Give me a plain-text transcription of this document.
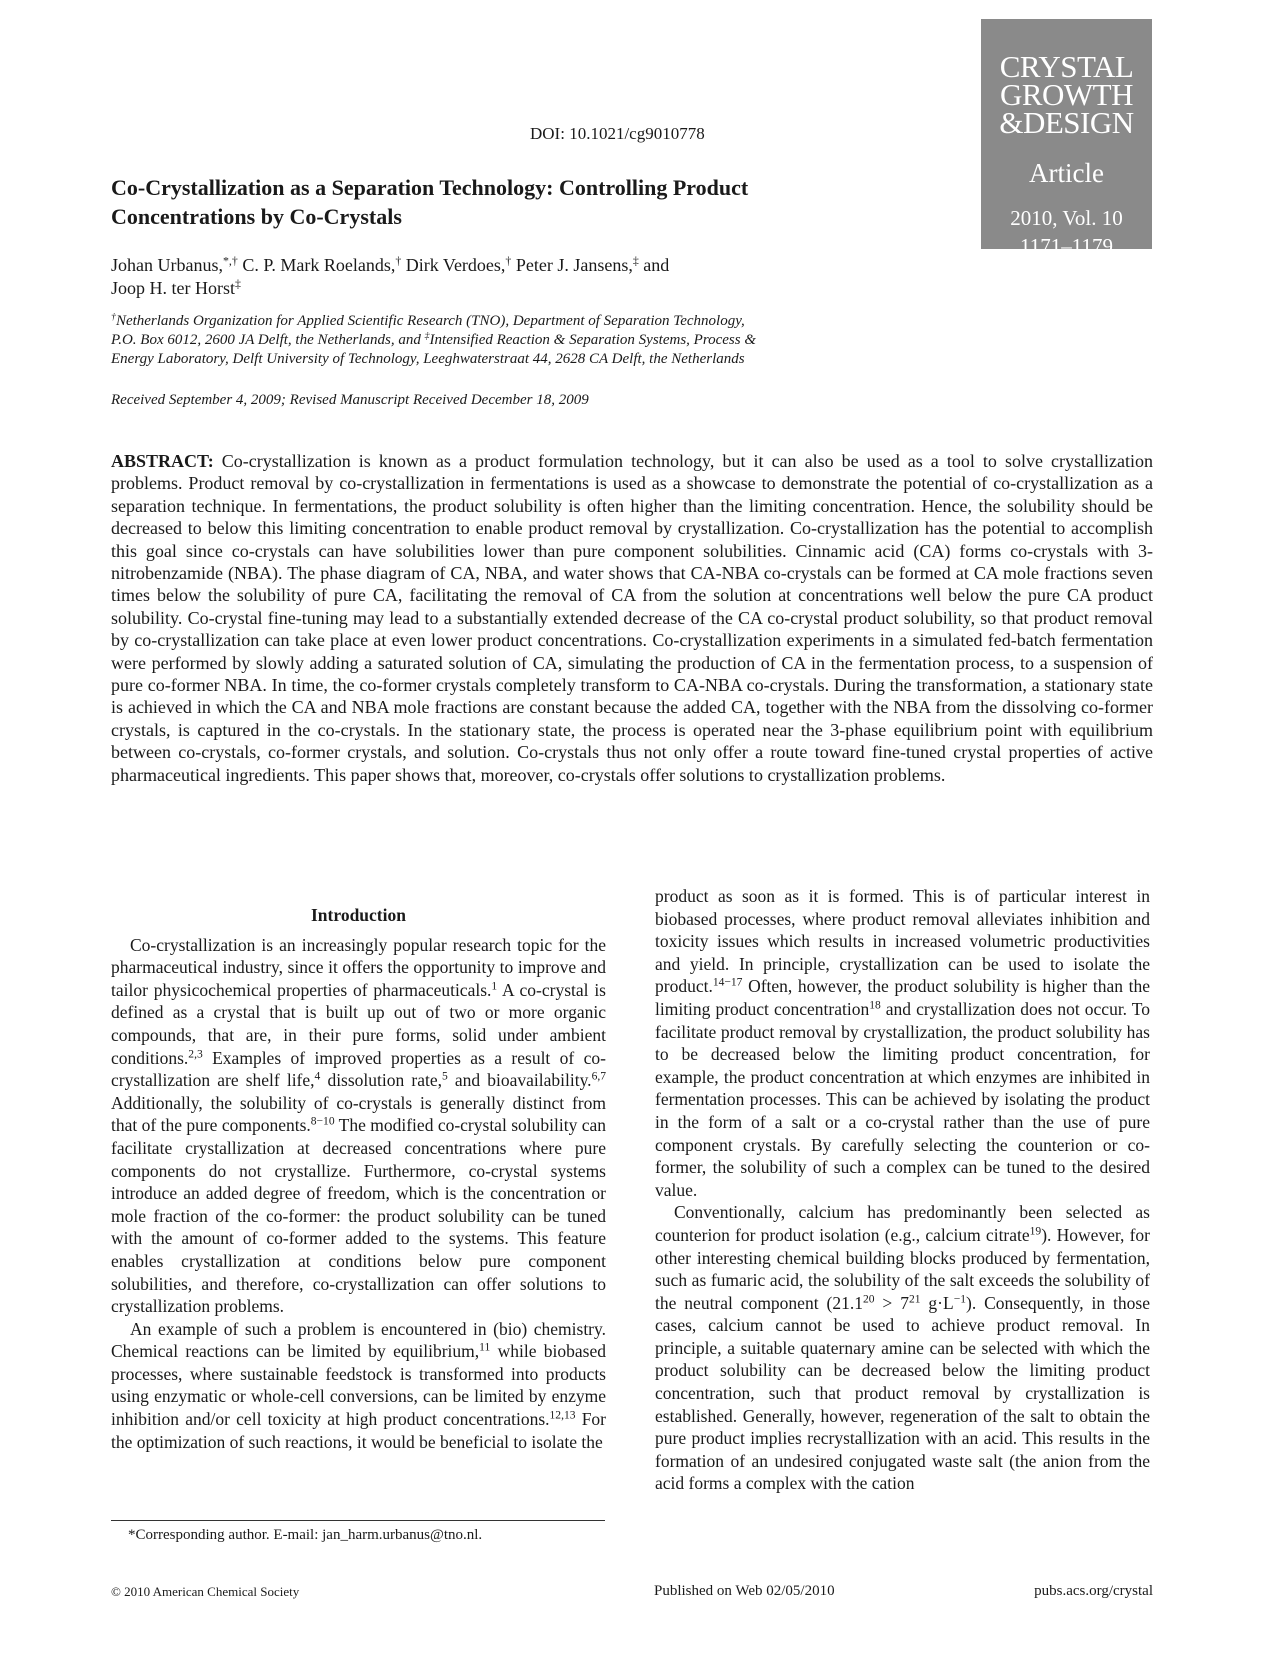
CRYSTAL
GROWTH
&DESIGN
Article
2010, Vol. 10
1171–1179
DOI: 10.1021/cg9010778
Co-Crystallization as a Separation Technology: Controlling Product
Concentrations by Co-Crystals
Johan Urbanus,*,† C. P. Mark Roelands,† Dirk Verdoes,† Peter J. Jansens,‡ and
Joop H. ter Horst‡
†Netherlands Organization for Applied Scientific Research (TNO), Department of Separation Technology,
P.O. Box 6012, 2600 JA Delft, the Netherlands, and ‡Intensified Reaction & Separation Systems, Process &
Energy Laboratory, Delft University of Technology, Leeghwaterstraat 44, 2628 CA Delft, the Netherlands
Received September 4, 2009; Revised Manuscript Received December 18, 2009

ABSTRACT: Co-crystallization is known as a product formulation technology, but it can also be used as a tool to solve crystallization problems. Product removal by co-crystallization in fermentations is used as a showcase to demonstrate the potential of co-crystallization as a separation technique. In fermentations, the product solubility is often higher than the limiting concentration. Hence, the solubility should be decreased to below this limiting concentration to enable product removal by crystallization. Co-crystallization has the potential to accomplish this goal since co-crystals can have solubilities lower than pure component solubilities. Cinnamic acid (CA) forms co-crystals with 3-nitrobenzamide (NBA). The phase diagram of CA, NBA, and water shows that CA-NBA co-crystals can be formed at CA mole fractions seven times below the solubility of pure CA, facilitating the removal of CA from the solution at concentrations well below the pure CA product solubility. Co-crystal fine-tuning may lead to a substantially extended decrease of the CA co-crystal product solubility, so that product removal by co-crystallization can take place at even lower product concentrations. Co-crystallization experiments in a simulated fed-batch fermentation were performed by slowly adding a saturated solution of CA, simulating the production of CA in the fermentation process, to a suspension of pure co-former NBA. In time, the co-former crystals completely transform to CA-NBA co-crystals. During the transformation, a stationary state is achieved in which the CA and NBA mole fractions are constant because the added CA, together with the NBA from the dissolving co-former crystals, is captured in the co-crystals. In the stationary state, the process is operated near the 3-phase equilibrium point with equilibrium between co-crystals, co-former crystals, and solution. Co-crystals thus not only offer a route toward fine-tuned crystal properties of active pharmaceutical ingredients. This paper shows that, moreover, co-crystals offer solutions to crystallization problems.

Introduction

Co-crystallization is an increasingly popular research topic for the pharmaceutical industry, since it offers the opportunity to improve and tailor physicochemical properties of pharmaceuticals.$^1$ A co-crystal is defined as a crystal that is built up out of two or more organic compounds, that are, in their pure forms, solid under ambient conditions.$^{2,3}$ Examples of improved properties as a result of co-crystallization are shelf life,$^4$ dissolution rate,$^5$ and bioavailability.$^{6,7}$ Additionally, the solubility of co-crystals is generally distinct from that of the pure components.$^{8-10}$ The modified co-crystal solubility can facilitate crystallization at decreased concentrations where pure components do not crystallize. Furthermore, co-crystal systems introduce an added degree of freedom, which is the concentration or mole fraction of the co-former: the product solubility can be tuned with the amount of co-former added to the systems. This feature enables crystallization at conditions below pure component solubilities, and therefore, co-crystallization can offer solutions to crystallization problems.

An example of such a problem is encountered in (bio) chemistry. Chemical reactions can be limited by equilibrium,$^{11}$ while biobased processes, where sustainable feedstock is transformed into products using enzymatic or whole-cell conversions, can be limited by enzyme inhibition and/or cell toxicity at high product concentrations.$^{12,13}$ For the optimization of such reactions, it would be beneficial to isolate the

product as soon as it is formed. This is of particular interest in biobased processes, where product removal alleviates inhibition and toxicity issues which results in increased volumetric productivities and yield. In principle, crystallization can be used to isolate the product.$^{14-17}$ Often, however, the product solubility is higher than the limiting product concentration$^{18}$ and crystallization does not occur. To facilitate product removal by crystallization, the product solubility has to be decreased below the limiting product concentration, for example, the product concentration at which enzymes are inhibited in fermentation processes. This can be achieved by isolating the product in the form of a salt or a co-crystal rather than the use of pure component crystals. By carefully selecting the counterion or co-former, the solubility of such a complex can be tuned to the desired value.

Conventionally, calcium has predominantly been selected as counterion for product isolation (e.g., calcium citrate$^{19}$). However, for other interesting chemical building blocks produced by fermentation, such as fumaric acid, the solubility of the salt exceeds the solubility of the neutral component ($21.1^{20} > 7^{21}$ $g\cdot L^{-1}$). Consequently, in those cases, calcium cannot be used to achieve product removal. In principle, a suitable quaternary amine can be selected with which the product solubility can be decreased below the limiting product concentration, such that product removal by crystallization is established. Generally, however, regeneration of the salt to obtain the pure product implies recrystallization with an acid. This results in the formation of an undesired conjugated waste salt (the anion from the acid forms a complex with the cation

*Corresponding author. E-mail: jan_harm.urbanus@tno.nl.
© 2010 American Chemical Society	Published on Web 02/05/2010	pubs.acs.org/crystal
